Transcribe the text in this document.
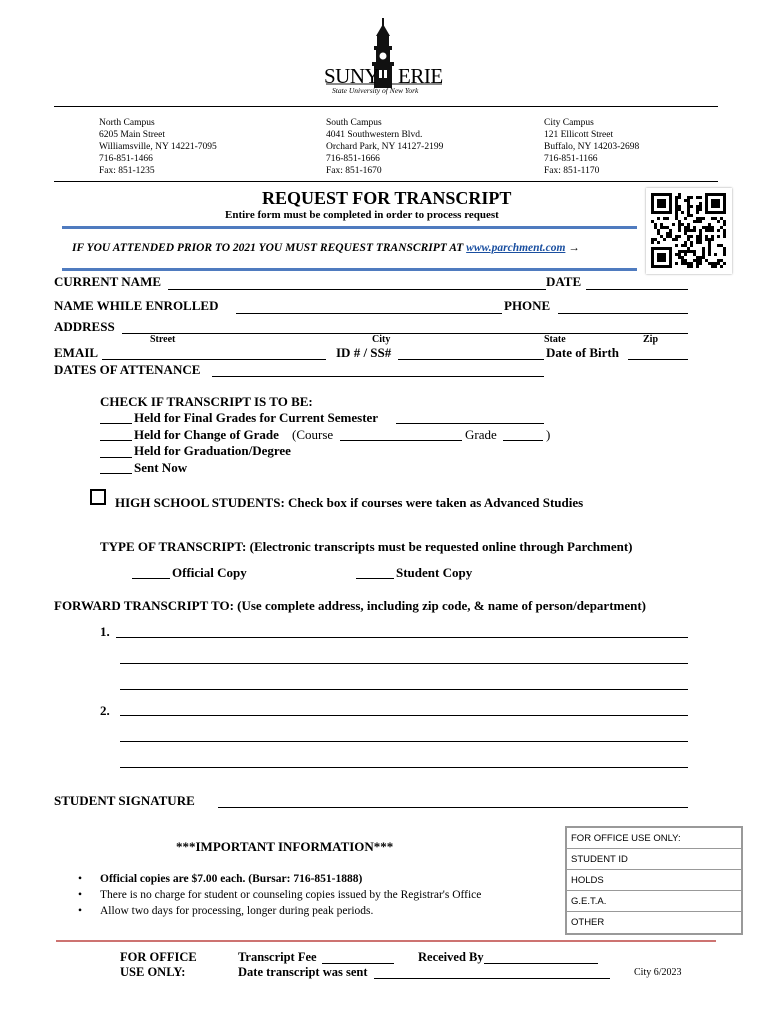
SUNY ERIE
State University of New York
North Campus
6205 Main Street
Williamsville, NY 14221-7095
716-851-1466
Fax: 851-1235
South Campus
4041 Southwestern Blvd.
Orchard Park, NY 14127-2199
716-851-1666
Fax: 851-1670
City Campus
121 Ellicott Street
Buffalo, NY 14203-2698
716-851-1166
Fax: 851-1170
REQUEST FOR TRANSCRIPT
Entire form must be completed in order to process request
IF YOU ATTENDED PRIOR TO 2021 YOU MUST REQUEST TRANSCRIPT AT www.parchment.com →
CURRENT NAME	DATE
NAME WHILE ENROLLED	PHONE
ADDRESS
Street	City	State	Zip
EMAIL	ID # / SS#	Date of Birth
DATES OF ATTENANCE
CHECK IF TRANSCRIPT IS TO BE:
Held for Final Grades for Current Semester
Held for Change of Grade (Course	Grade	)
Held for Graduation/Degree
Sent Now
HIGH SCHOOL STUDENTS: Check box if courses were taken as Advanced Studies
TYPE OF TRANSCRIPT: (Electronic transcripts must be requested online through Parchment)
Official Copy	Student Copy
FORWARD TRANSCRIPT TO: (Use complete address, including zip code, & name of person/department)
1.
2.
STUDENT SIGNATURE
***IMPORTANT INFORMATION***
• Official copies are $7.00 each. (Bursar: 716-851-1888)
• There is no charge for student or counseling copies issued by the Registrar's Office
• Allow two days for processing, longer during peak periods.
FOR OFFICE USE ONLY:
STUDENT ID
HOLDS
G.E.T.A.
OTHER
FOR OFFICE
USE ONLY:
Transcript Fee	Received By
Date transcript was sent	City 6/2023
